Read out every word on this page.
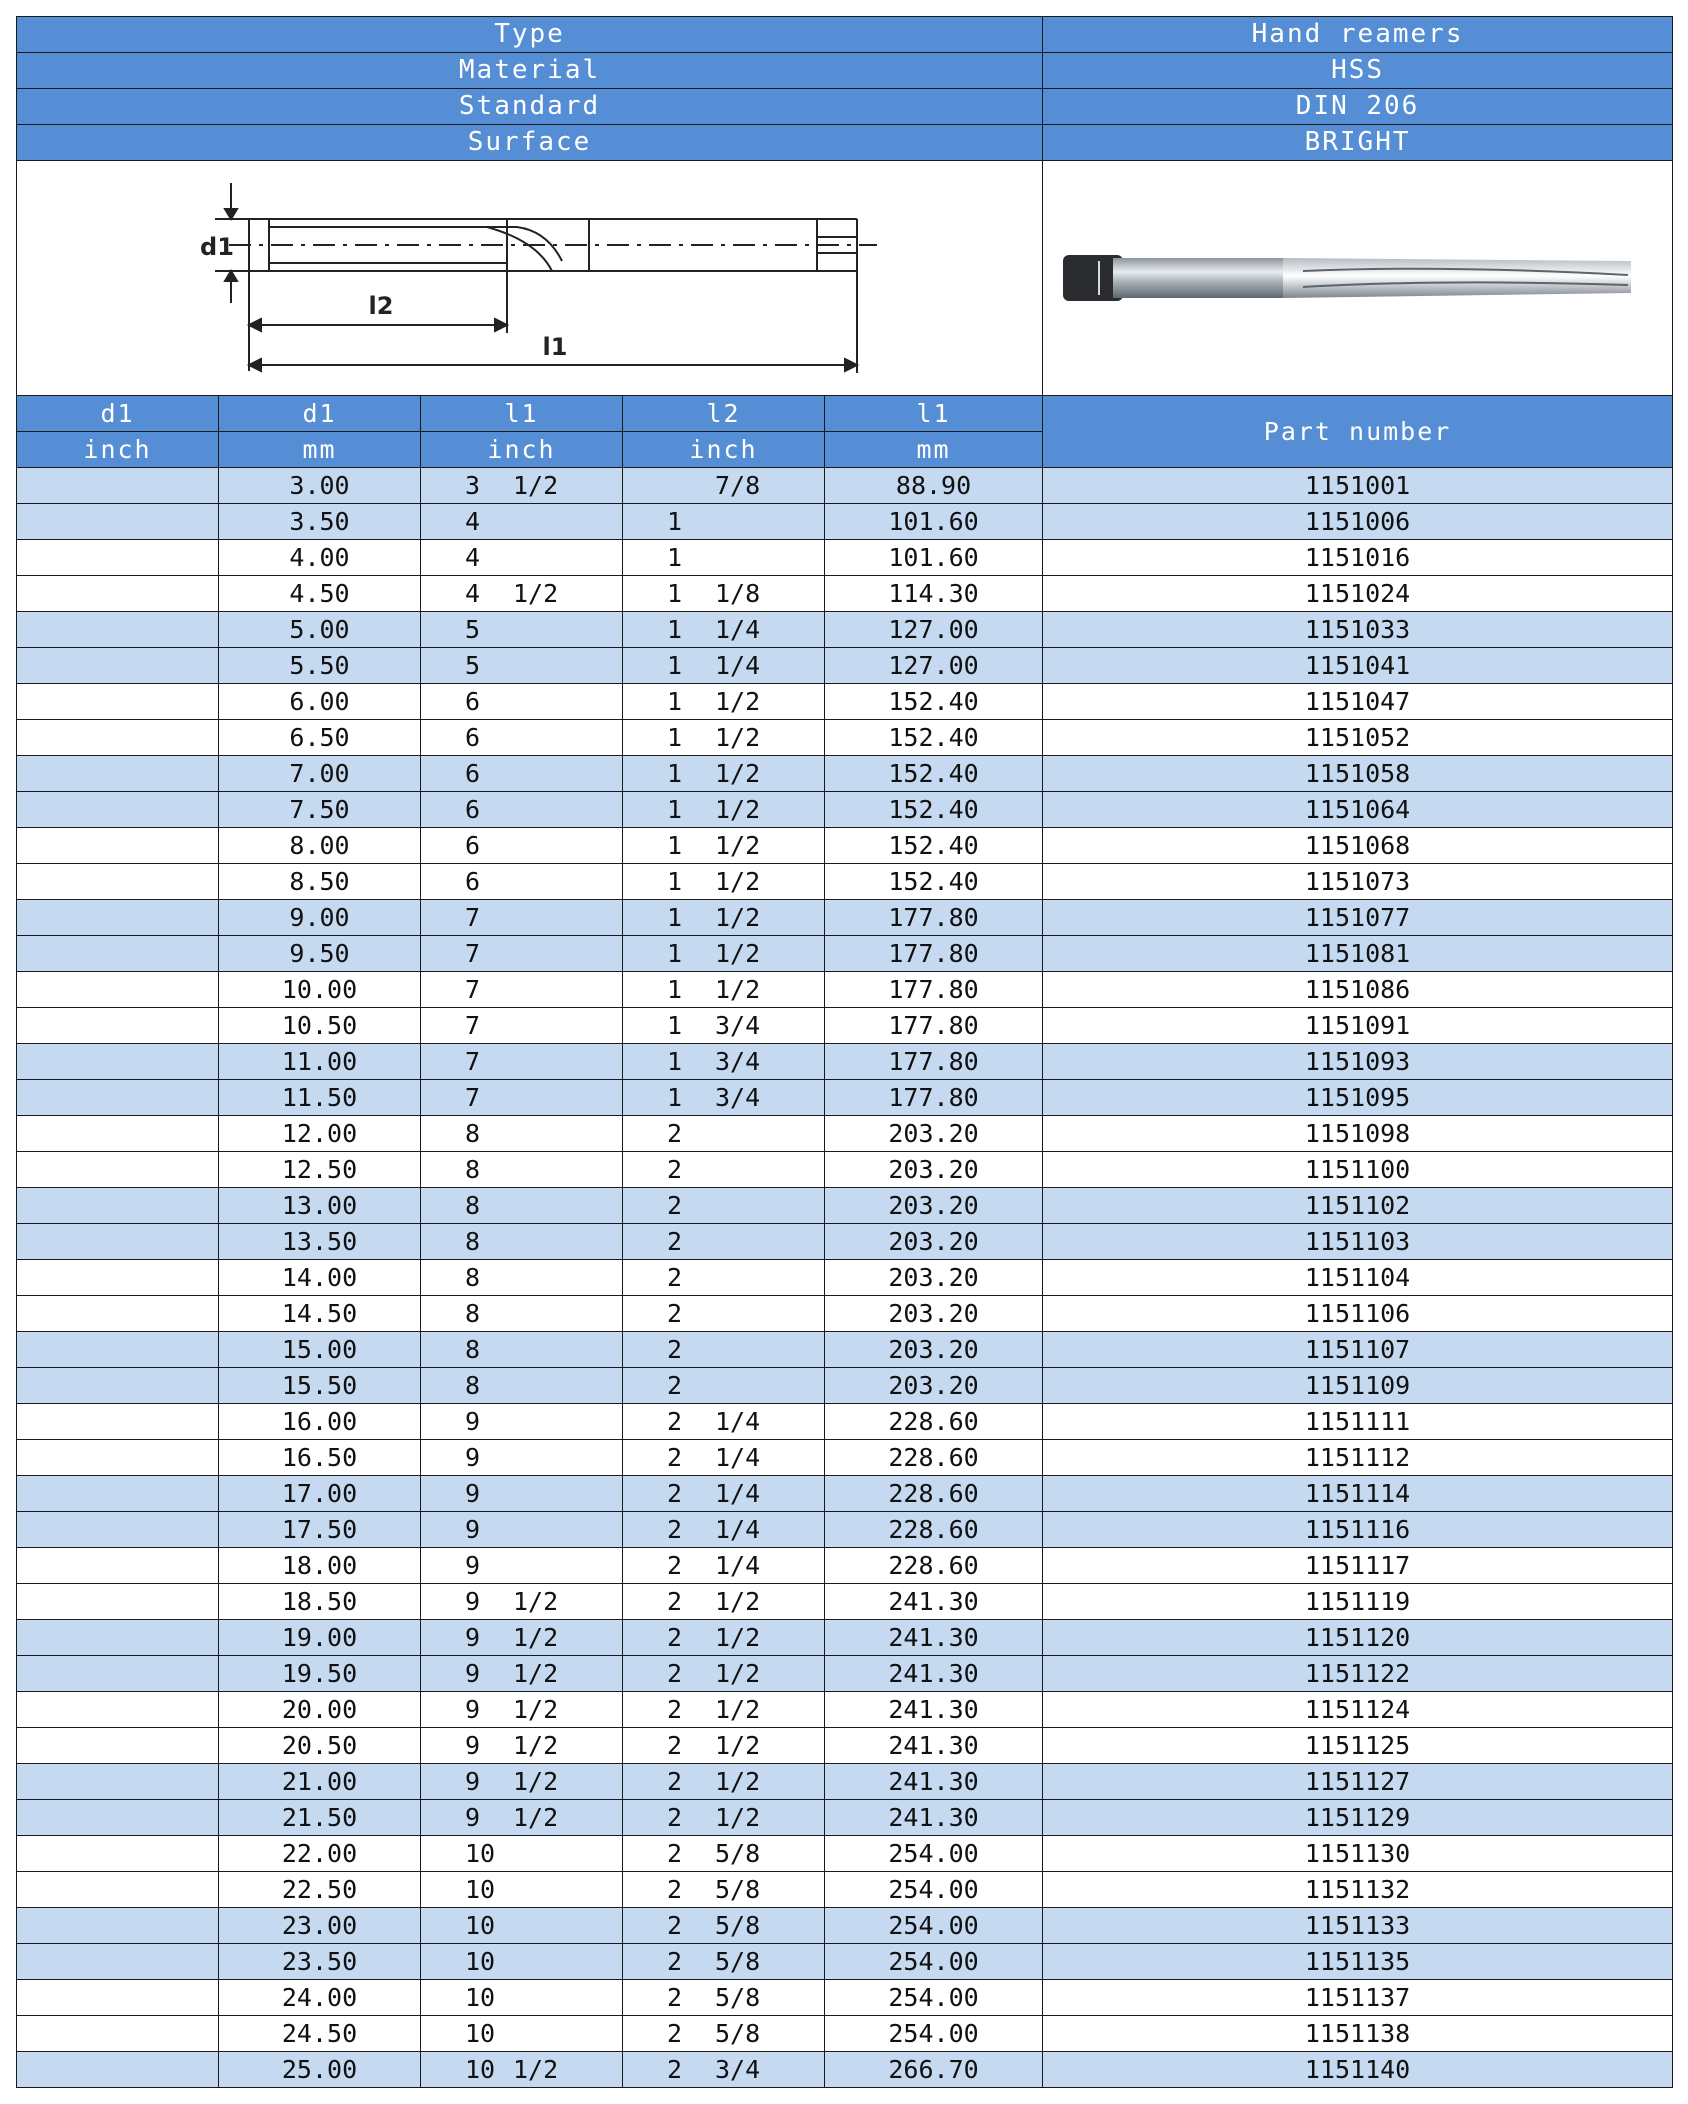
Type					Hand reamers
Material					HSS
Standard					DIN 206
Surface					BRIGHT

d1
l2
l1

d1	d1	l1	l2	l1	Part number
inch	mm	inch	inch	mm	
	3.00	3 1/2	7/8	88.90	1151001
	3.50	4	1	101.60	1151006
	4.00	4	1	101.60	1151016
	4.50	4 1/2	1 1/8	114.30	1151024
	5.00	5	1 1/4	127.00	1151033
	5.50	5	1 1/4	127.00	1151041
	6.00	6	1 1/2	152.40	1151047
	6.50	6	1 1/2	152.40	1151052
	7.00	6	1 1/2	152.40	1151058
	7.50	6	1 1/2	152.40	1151064
	8.00	6	1 1/2	152.40	1151068
	8.50	6	1 1/2	152.40	1151073
	9.00	7	1 1/2	177.80	1151077
	9.50	7	1 1/2	177.80	1151081
	10.00	7	1 1/2	177.80	1151086
	10.50	7	1 3/4	177.80	1151091
	11.00	7	1 3/4	177.80	1151093
	11.50	7	1 3/4	177.80	1151095
	12.00	8	2	203.20	1151098
	12.50	8	2	203.20	1151100
	13.00	8	2	203.20	1151102
	13.50	8	2	203.20	1151103
	14.00	8	2	203.20	1151104
	14.50	8	2	203.20	1151106
	15.00	8	2	203.20	1151107
	15.50	8	2	203.20	1151109
	16.00	9	2 1/4	228.60	1151111
	16.50	9	2 1/4	228.60	1151112
	17.00	9	2 1/4	228.60	1151114
	17.50	9	2 1/4	228.60	1151116
	18.00	9	2 1/4	228.60	1151117
	18.50	9 1/2	2 1/2	241.30	1151119
	19.00	9 1/2	2 1/2	241.30	1151120
	19.50	9 1/2	2 1/2	241.30	1151122
	20.00	9 1/2	2 1/2	241.30	1151124
	20.50	9 1/2	2 1/2	241.30	1151125
	21.00	9 1/2	2 1/2	241.30	1151127
	21.50	9 1/2	2 1/2	241.30	1151129
	22.00	10	2 5/8	254.00	1151130
	22.50	10	2 5/8	254.00	1151132
	23.00	10	2 5/8	254.00	1151133
	23.50	10	2 5/8	254.00	1151135
	24.00	10	2 5/8	254.00	1151137
	24.50	10	2 5/8	254.00	1151138
	25.00	10 1/2	2 3/4	266.70	1151140
